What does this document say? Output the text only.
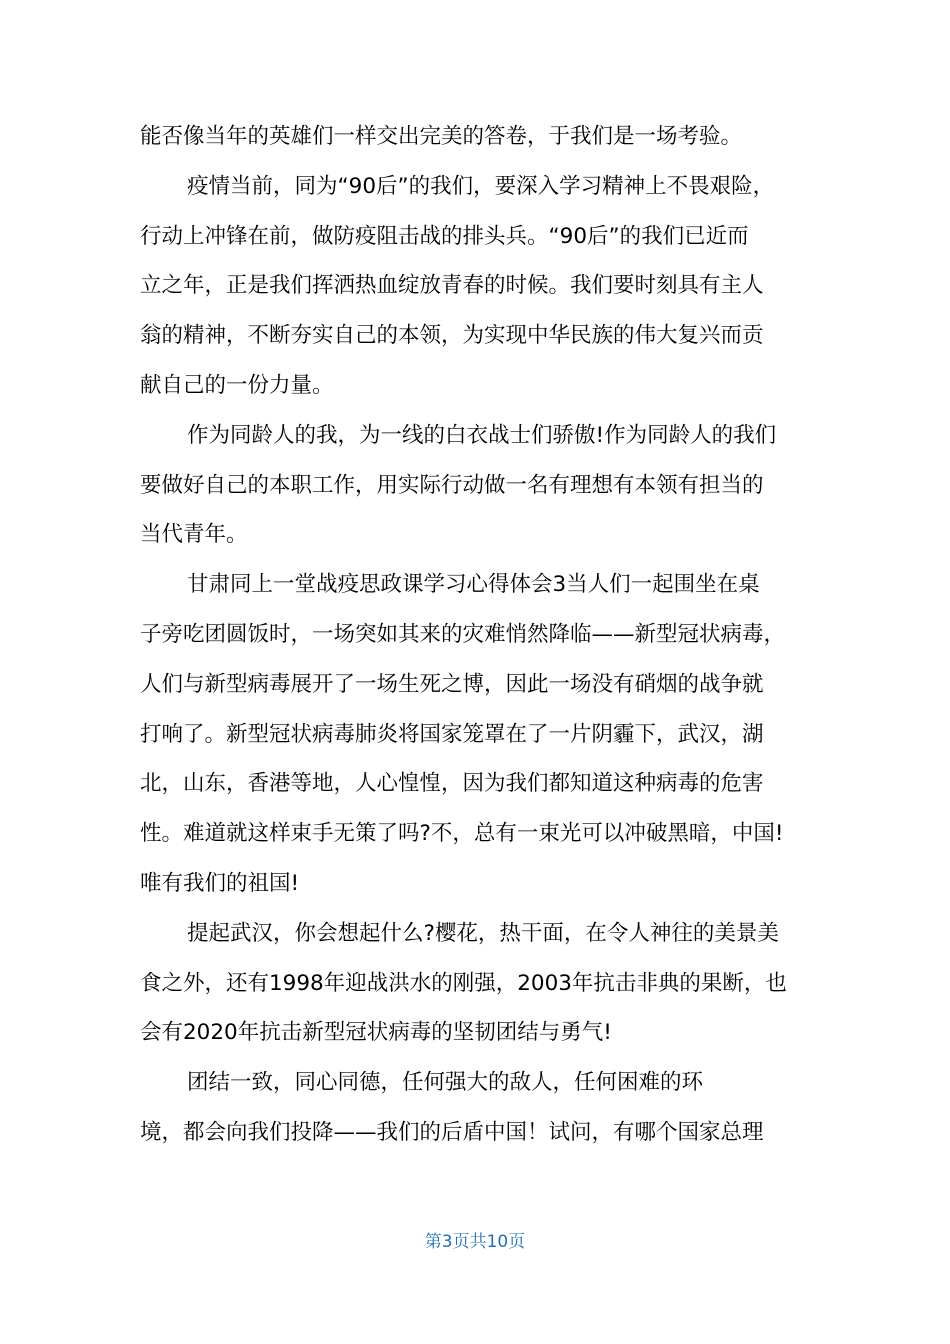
能否像当年的英雄们一样交出完美的答卷，于我们是一场考验。
疫情当前，同为“90后”的我们，要深入学习精神上不畏艰险，
行动上冲锋在前，做防疫阻击战的排头兵。“90后”的我们已近而
立之年，正是我们挥洒热血绽放青春的时候。我们要时刻具有主人
翁的精神，不断夯实自己的本领，为实现中华民族的伟大复兴而贡
献自己的一份力量。
作为同龄人的我，为一线的白衣战士们骄傲!作为同龄人的我们
要做好自己的本职工作，用实际行动做一名有理想有本领有担当的
当代青年。
甘肃同上一堂战疫思政课学习心得体会3当人们一起围坐在桌
子旁吃团圆饭时，一场突如其来的灾难悄然降临——新型冠状病毒，
人们与新型病毒展开了一场生死之博，因此一场没有硝烟的战争就
打响了。新型冠状病毒肺炎将国家笼罩在了一片阴霾下，武汉，湖
北，山东，香港等地，人心惶惶，因为我们都知道这种病毒的危害
性。难道就这样束手无策了吗?不，总有一束光可以冲破黑暗，中国!
唯有我们的祖国!
提起武汉，你会想起什么?樱花，热干面，在令人神往的美景美
食之外，还有1998年迎战洪水的刚强，2003年抗击非典的果断，也
会有2020年抗击新型冠状病毒的坚韧团结与勇气!
团结一致，同心同德，任何强大的敌人，任何困难的环
境，都会向我们投降——我们的后盾中国！试问，有哪个国家总理
第3页共10页
